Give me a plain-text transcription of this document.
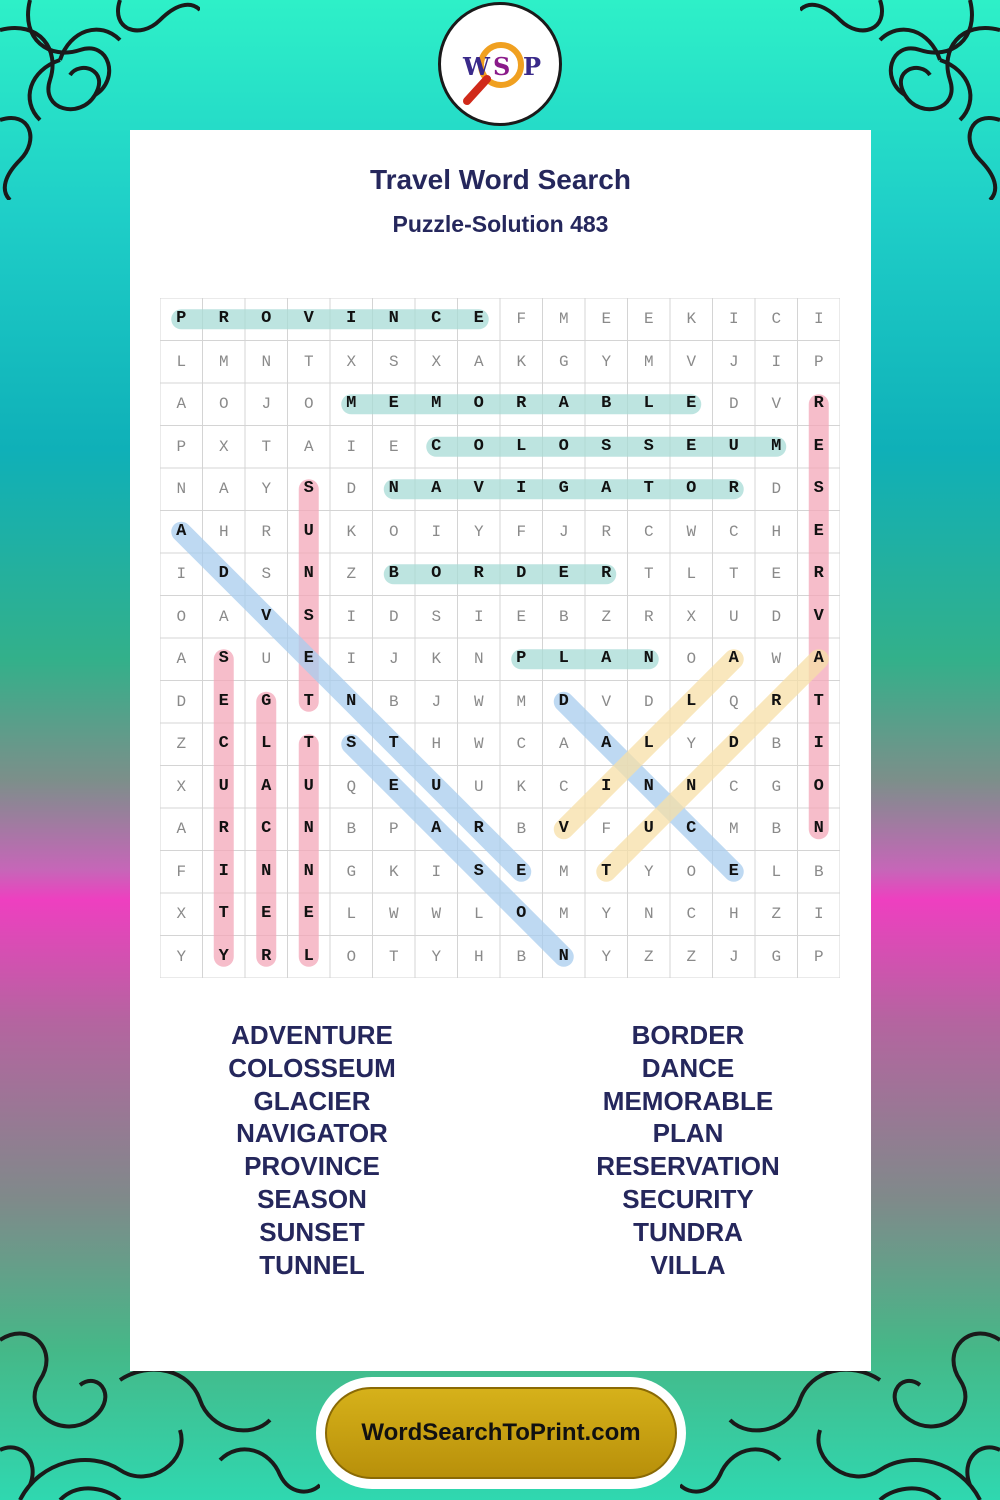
W S P
Travel Word Search
Puzzle-Solution 483
P	R	O	V	I	N	C	E	F	M	E	E	K	I	C	I
L	M	N	T	X	S	X	A	K	G	Y	M	V	J	I	P
A	O	J	O	M	E	M	O	R	A	B	L	E	D	V	R
P	X	T	A	I	E	C	O	L	O	S	S	E	U	M	E
N	A	Y	S	D	N	A	V	I	G	A	T	O	R	D	S
A	H	R	U	K	O	I	Y	F	J	R	C	W	C	H	E
I	D	S	N	Z	B	O	R	D	E	R	T	L	T	E	R
O	A	V	S	I	D	S	I	E	B	Z	R	X	U	D	V
A	S	U	E	I	J	K	N	P	L	A	N	O	A	W	A
D	E	G	T	N	B	J	W	M	D	V	D	L	Q	R	T
Z	C	L	T	S	T	H	W	C	A	A	L	Y	D	B	I
X	U	A	U	Q	E	U	U	K	C	I	N	N	C	G	O
A	R	C	N	B	P	A	R	B	V	F	U	C	M	B	N
F	I	N	N	G	K	I	S	E	M	T	Y	O	E	L	B
X	T	E	E	L	W	W	L	O	M	Y	N	C	H	Z	I
Y	Y	R	L	O	T	Y	H	B	N	Y	Z	Z	J	G	P
ADVENTURE
COLOSSEUM
GLACIER
NAVIGATOR
PROVINCE
SEASON
SUNSET
TUNNEL
BORDER
DANCE
MEMORABLE
PLAN
RESERVATION
SECURITY
TUNDRA
VILLA
WordSearchToPrint.com
